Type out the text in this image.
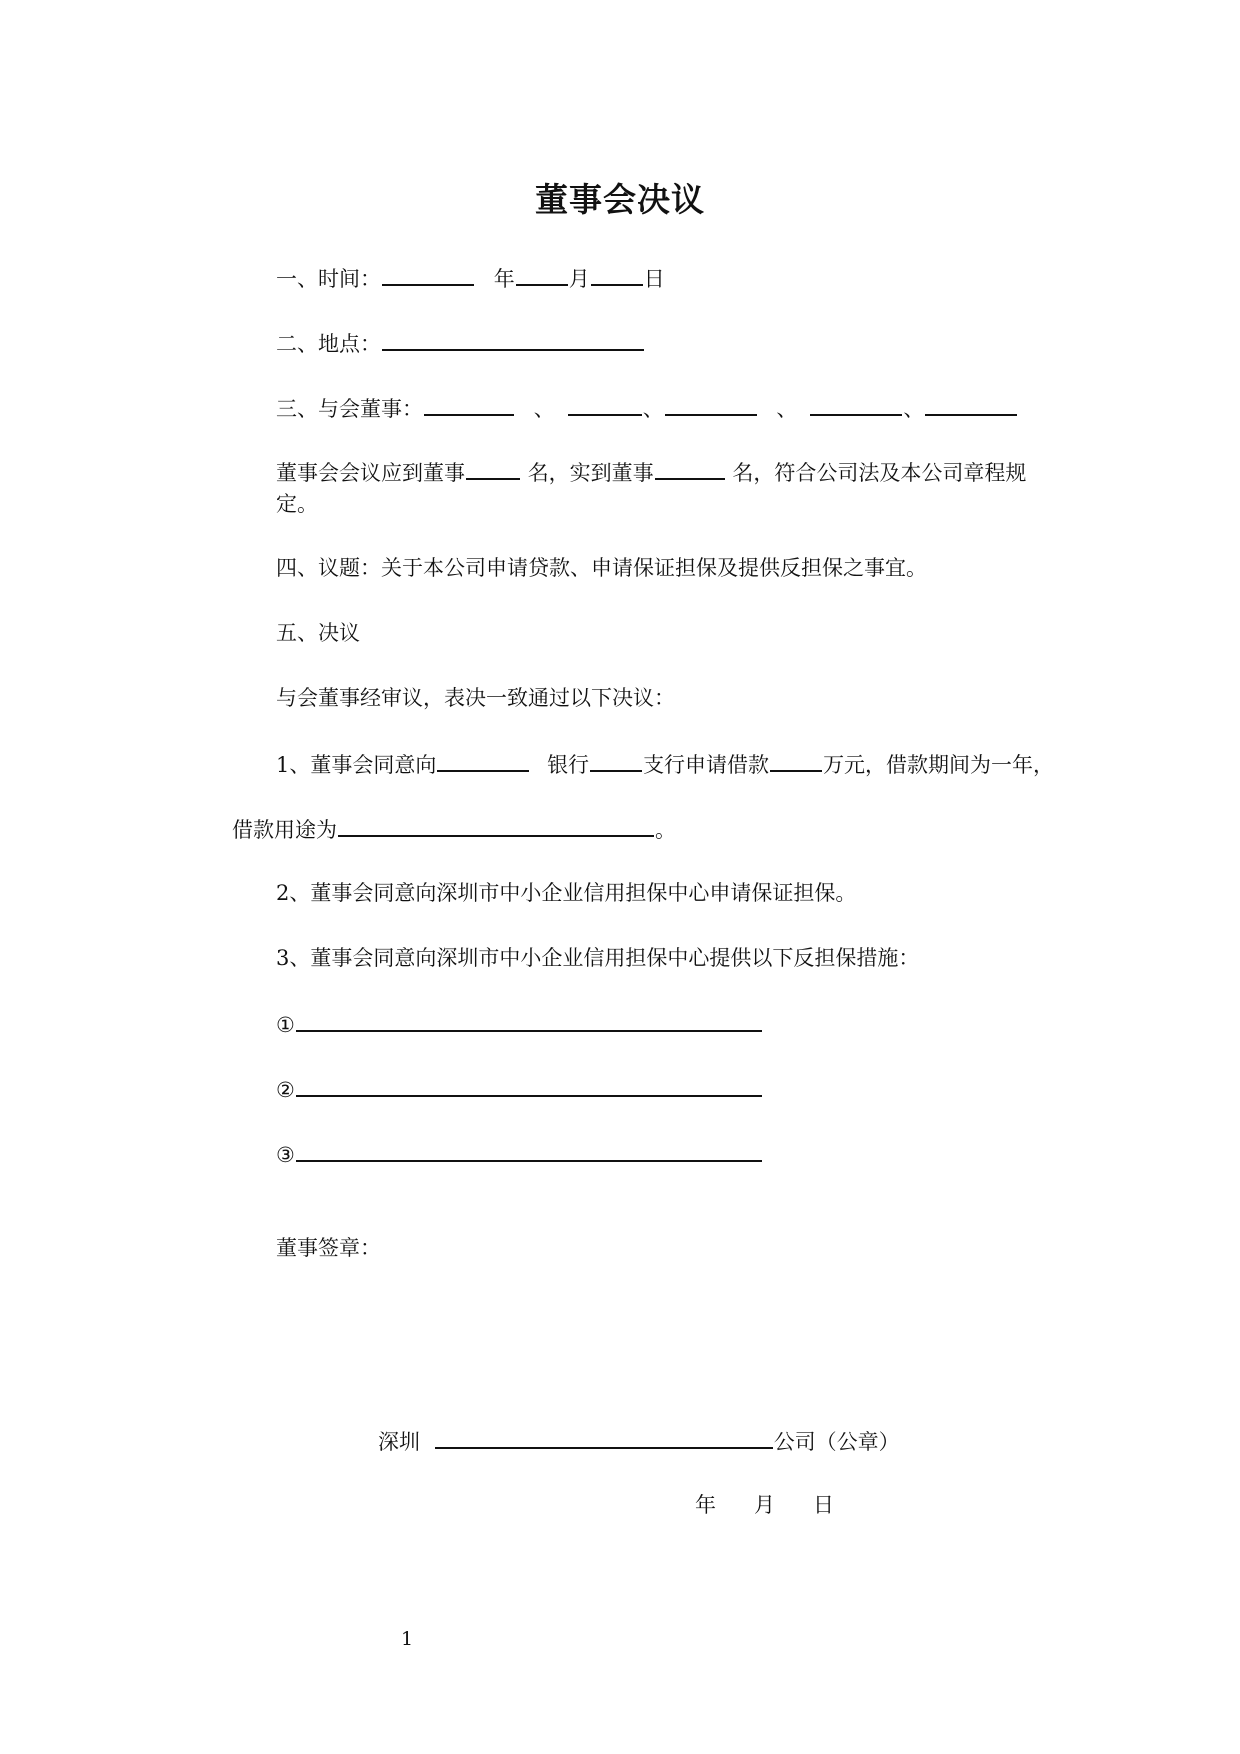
董事会决议
一、时间：	年	月	日
二、地点：
三、与会董事：	、	、	、	、
董事会会议应到董事	名，实到董事	名，符合公司法及本公司章程规定。
四、议题：关于本公司申请贷款、申请保证担保及提供反担保之事宜。
五、决议
与会董事经审议，表决一致通过以下决议：
1、董事会同意向	银行	支行申请借款	万元，借款期间为一年，
借款用途为	。
2、董事会同意向深圳市中小企业信用担保中心申请保证担保。
3、董事会同意向深圳市中小企业信用担保中心提供以下反担保措施：
①
②
③
董事签章：
深圳	公司（公章）
年 月 日
1
